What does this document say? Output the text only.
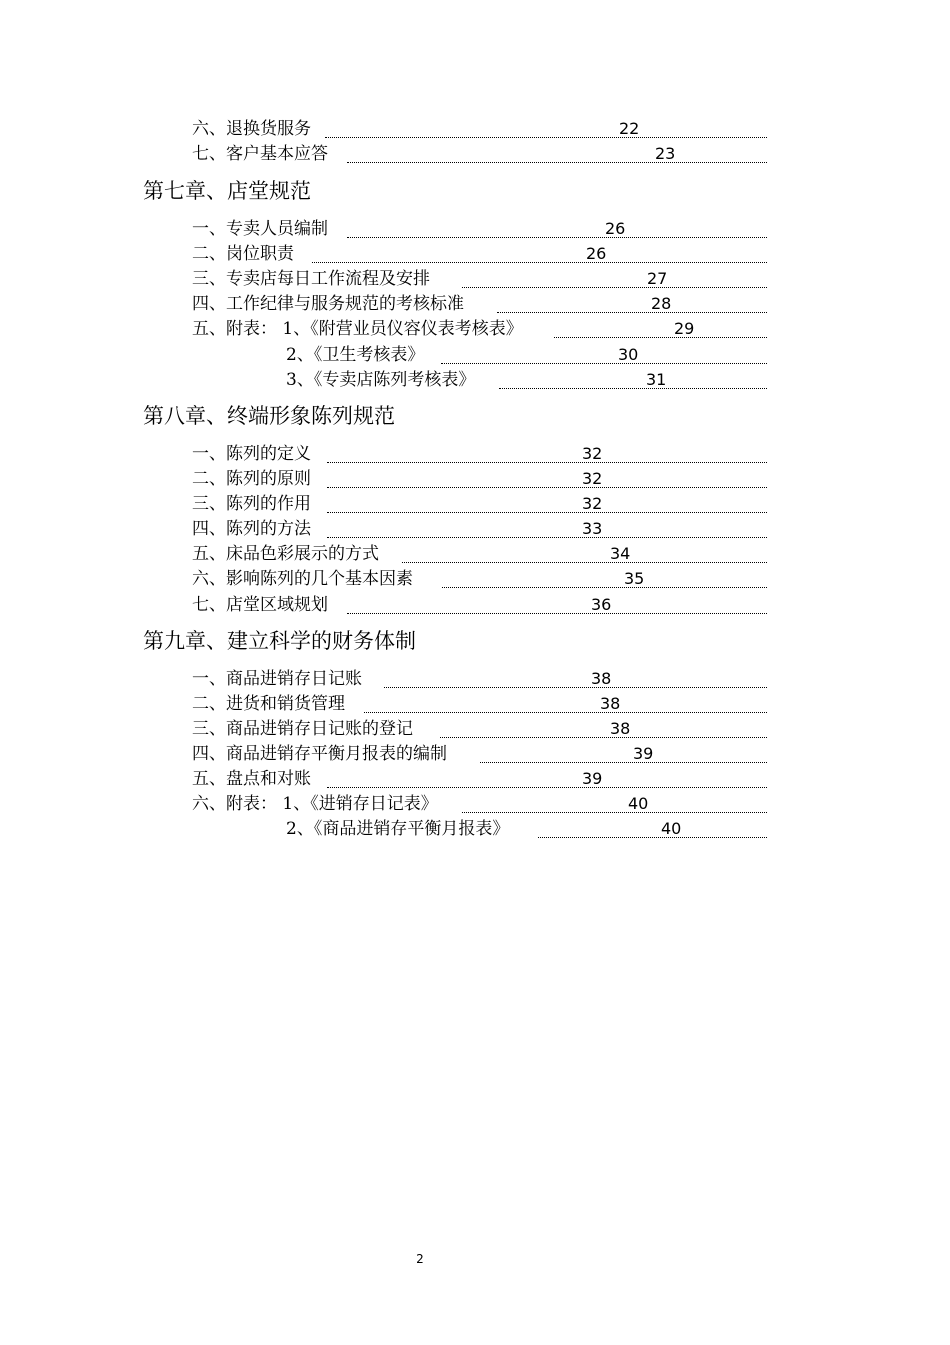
六、退换货服务	22
七、客户基本应答	23
第七章、店堂规范
一、专卖人员编制	26
二、岗位职责	26
三、专卖店每日工作流程及安排	27
四、工作纪律与服务规范的考核标准	28
五、附表： 1、《附营业员仪容仪表考核表》	29
2、《卫生考核表》	30
3、《专卖店陈列考核表》	31
第八章、终端形象陈列规范
一、陈列的定义	32
二、陈列的原则	32
三、陈列的作用	32
四、陈列的方法	33
五、床品色彩展示的方式	34
六、影响陈列的几个基本因素	35
七、店堂区域规划	36
第九章、建立科学的财务体制
一、商品进销存日记账	38
二、进货和销货管理	38
三、商品进销存日记账的登记	38
四、商品进销存平衡月报表的编制	39
五、盘点和对账	39
六、附表： 1、《进销存日记表》	40
2、《商品进销存平衡月报表》	40
2
